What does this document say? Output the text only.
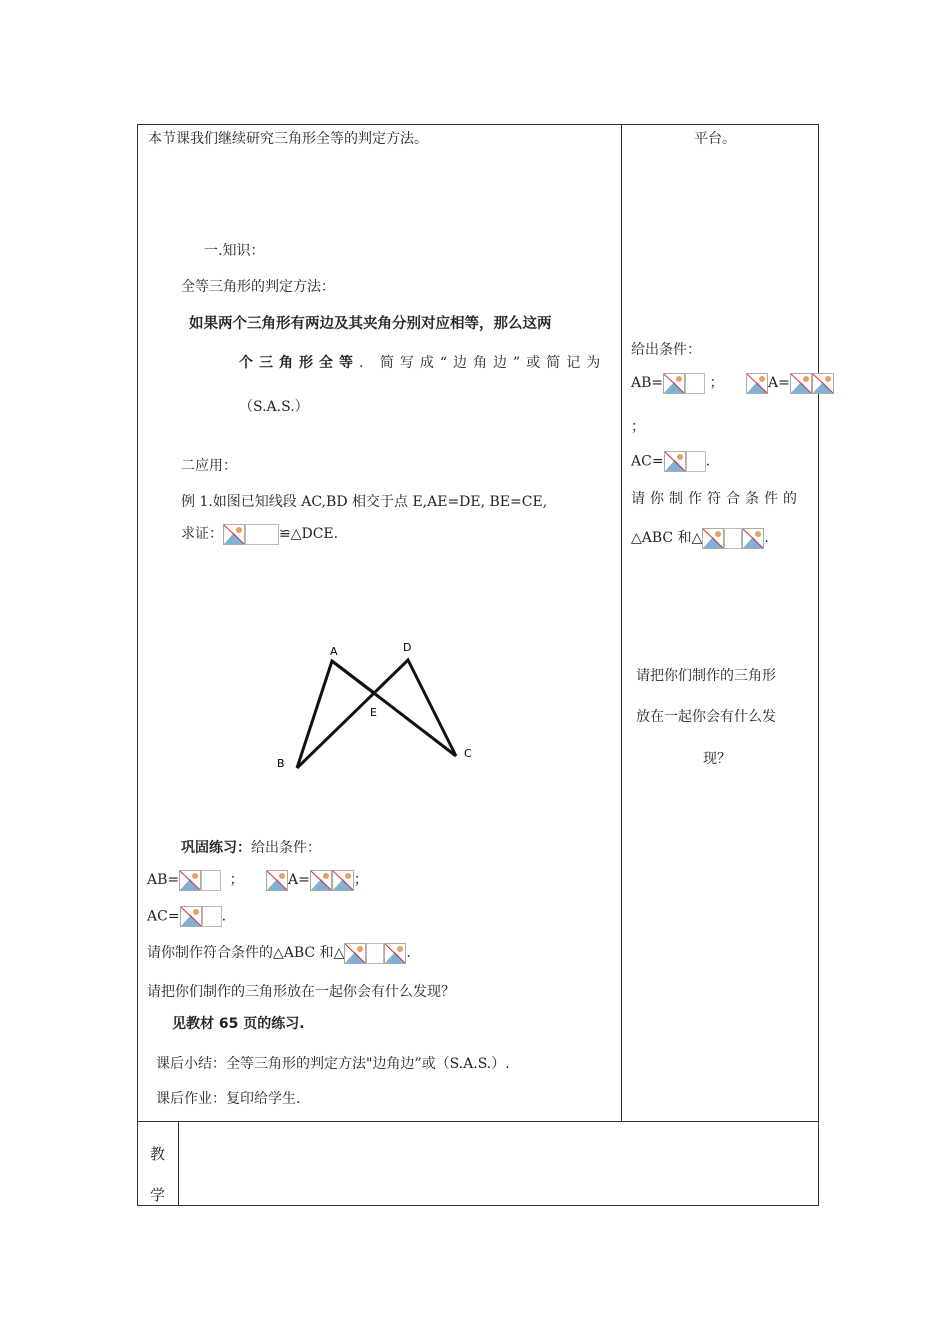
本节课我们继续研究三角形全等的判定方法。
一.知识：
全等三角形的判定方法：
如果两个三角形有两边及其夹角分别对应相等，那么这两
个三角形全等. 简写成“边角边”或简记为
（S.A.S.）
二应用：
例 1.如图已知线段 AC,BD 相交于点 E,AE=DE, BE=CE,
求证：	≌△DCE.
A	D
E
B
C
巩固练习：给出条件：
AB=	；	A=	；
AC=	.
请你制作符合条件的△ABC 和△	.
请把你们制作的三角形放在一起你会有什么发现？
见教材 65 页的练习.
课后小结：全等三角形的判定方法"边角边”或（S.A.S.）.
课后作业：复印给学生.
平台。
给出条件：
AB=	；	A=
；
AC=	.
请你制作符合条件的
△ABC 和△	.
请把你们制作的三角形
放在一起你会有什么发
现？
教
学
